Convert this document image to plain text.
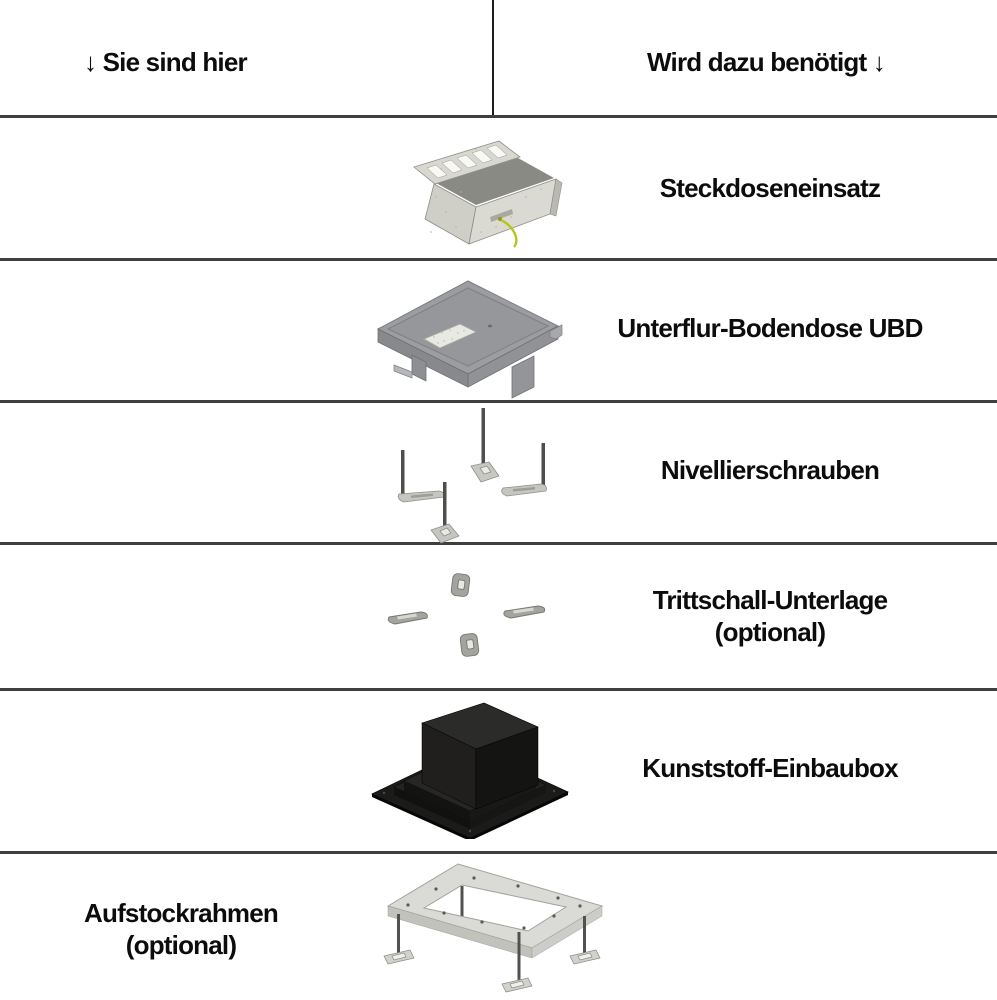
↓ Sie sind hier	Wird dazu benötigt ↓
Steckdoseneinsatz
Unterflur-Bodendose UBD
Nivellierschrauben
Trittschall-Unterlage
(optional)
Kunststoff-Einbaubox
Aufstockrahmen
(optional)
